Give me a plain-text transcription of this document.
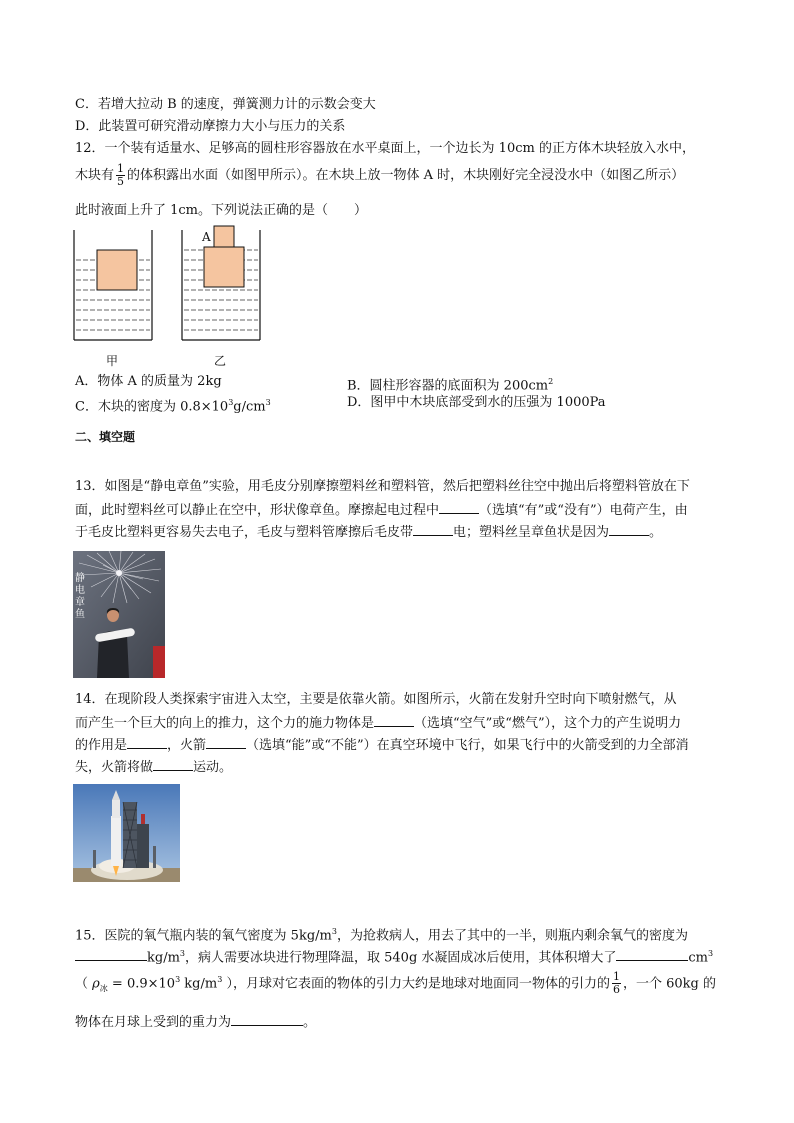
C．若增大拉动 B 的速度，弹簧测力计的示数会变大
D．此装置可研究滑动摩擦力大小与压力的关系
12．一个装有适量水、足够高的圆柱形容器放在水平桌面上，一个边长为 10cm 的正方体木块轻放入水中，
木块有 $\frac{1}{5}$ 的体积露出水面（如图甲所示）。在木块上放一物体 A 时，木块刚好完全浸没水中（如图乙所示）
此时液面上升了 1cm。下列说法正确的是（　　）
A
甲	乙
A．物体 A 的质量为 2kg	B．圆柱形容器的底面积为 $200cm^2$
C．木块的密度为 $0.8\times 10^3g/cm^3$	D．图甲中木块底部受到水的压强为 1000Pa
二、填空题
13．如图是“静电章鱼”实验，用毛皮分别摩擦塑料丝和塑料管，然后把塑料丝往空中抛出后将塑料管放在下
面，此时塑料丝可以静止在空中，形状像章鱼。摩擦起电过程中	（选填“有”或“没有”）电荷产生，由
于毛皮比塑料更容易失去电子，毛皮与塑料管摩擦后毛皮带	电；塑料丝呈章鱼状是因为	。
静电章鱼
14．在现阶段人类探索宇宙进入太空，主要是依靠火箭。如图所示，火箭在发射升空时向下喷射燃气，从
而产生一个巨大的向上的推力，这个力的施力物体是	（选填“空气”或“燃气”），这个力的产生说明力
的作用是	，火箭	（选填“能”或“不能”）在真空环境中飞行，如果飞行中的火箭受到的力全部消
失，火箭将做	运动。
15．医院的氧气瓶内装的氧气密度为 $5kg/m^3$，为抢救病人，用去了其中的一半，则瓶内剩余氧气的密度为
$kg/m^3$，病人需要冰块进行物理降温，取 540g 水凝固成冰后使用，其体积增大了	$cm^3$
（ $\rho_冰 = 0.9\times 10^3$ $kg/m^3$ ），月球对它表面的物体的引力大约是地球对地面同一物体的引力的 $\frac{1}{6}$ ，一个 60kg 的
物体在月球上受到的重力为	。
